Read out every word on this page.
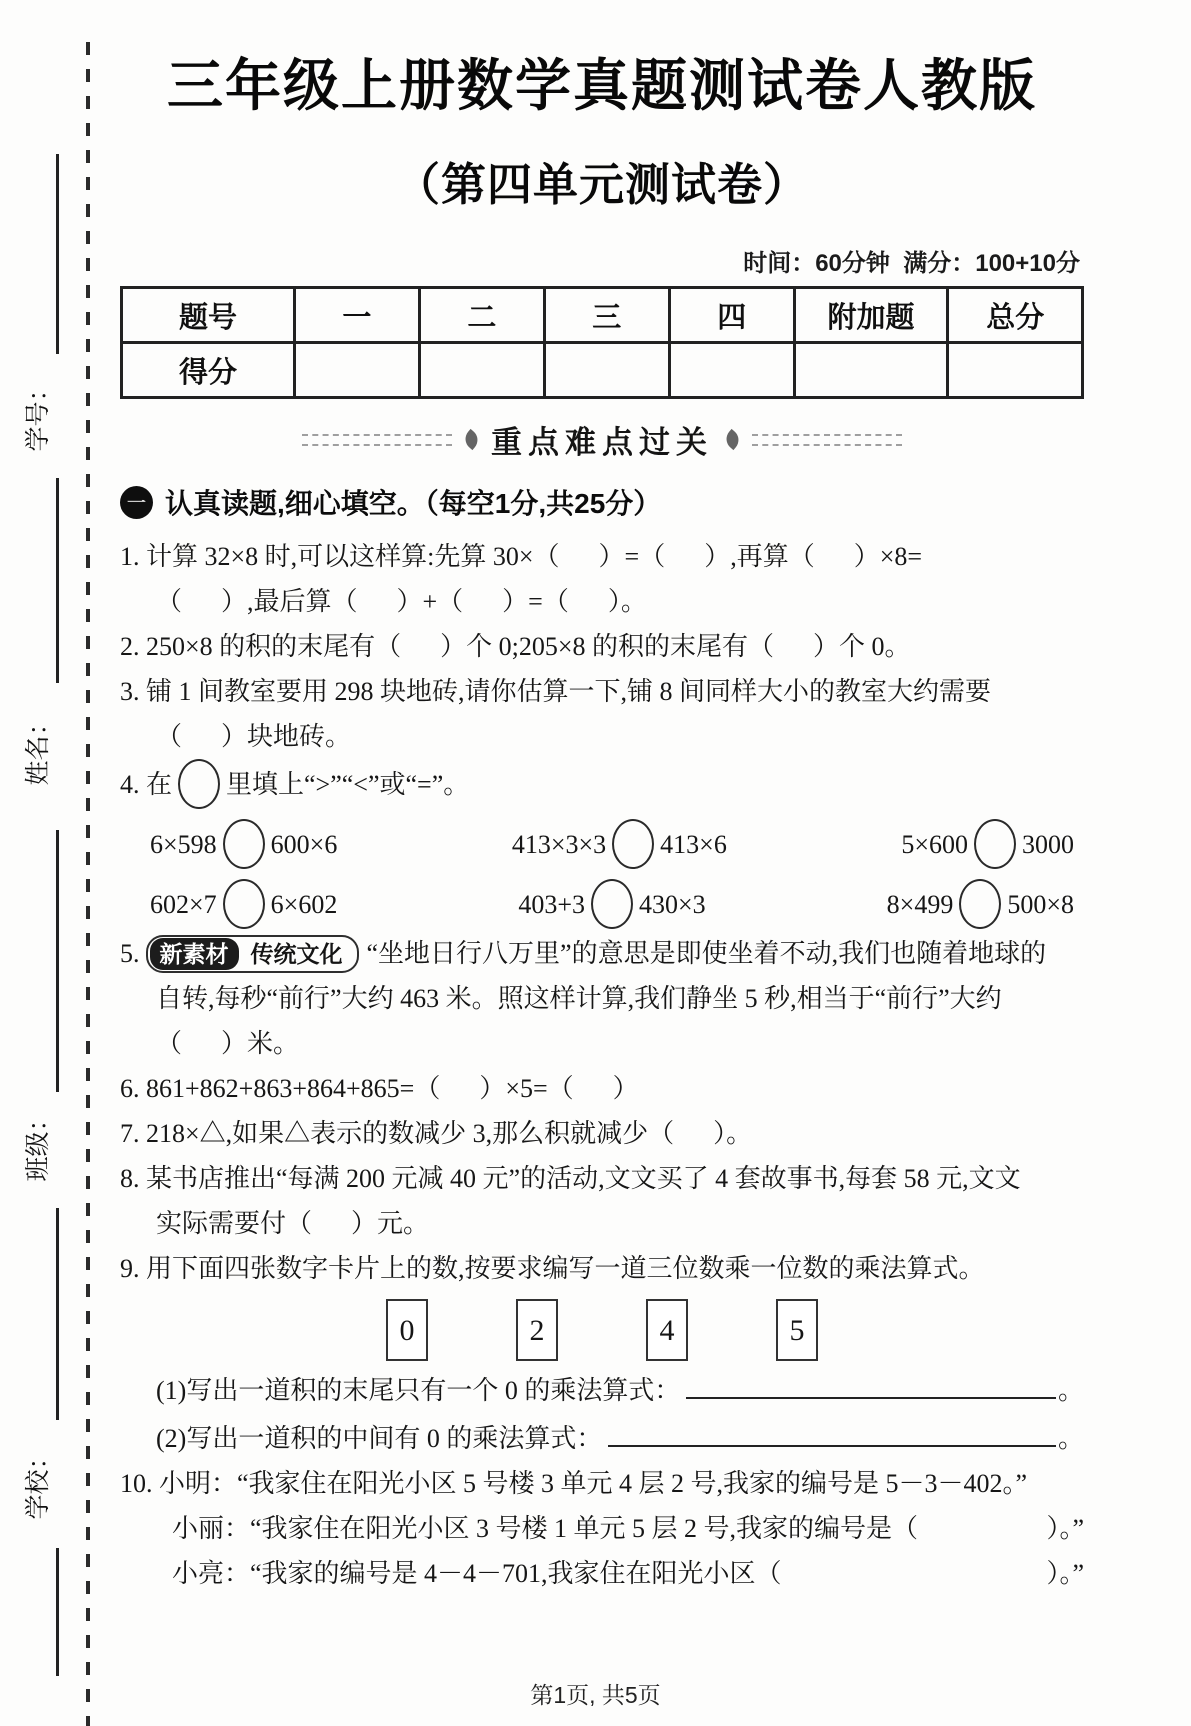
学号：
姓名：
班级：
学校：
三年级上册数学真题测试卷人教版
（第四单元测试卷）
时间：60分钟  满分：100+10分
题号	一	二	三	四	附加题	总分
得分						
重点难点过关
一 认真读题,细心填空。（每空1分,共25分）
1. 计算 32×8 时,可以这样算:先算 30×（      ）=（      ）,再算（      ）×8=
（      ）,最后算（      ）+（      ）=（      ）。
2. 250×8 的积的末尾有（      ）个 0;205×8 的积的末尾有（      ）个 0。
3. 铺 1 间教室要用 298 块地砖,请你估算一下,铺 8 间同样大小的教室大约需要
（      ）块地砖。
4. 在 里填上“>”“<”或“=”。
6×598 600×6	413×3×3 413×6	5×600 3000
602×7 6×602	403+3 430×3	8×499 500×8
5. 新素材 传统文化 “坐地日行八万里”的意思是即使坐着不动,我们也随着地球的
自转,每秒“前行”大约 463 米。照这样计算,我们静坐 5 秒,相当于“前行”大约
（      ）米。
6. 861+862+863+864+865=（      ）×5=（      ）
7. 218×△,如果△表示的数减少 3,那么积就减少（      ）。
8. 某书店推出“每满 200 元减 40 元”的活动,文文买了 4 套故事书,每套 58 元,文文
实际需要付（      ）元。
9. 用下面四张数字卡片上的数,按要求编写一道三位数乘一位数的乘法算式。
0	2	4	5
(1)写出一道积的末尾只有一个 0 的乘法算式：	。
(2)写出一道积的中间有 0 的乘法算式：	。
10. 小明：“我家住在阳光小区 5 号楼 3 单元 4 层 2 号,我家的编号是 5－3－402。”
小丽：“我家住在阳光小区 3 号楼 1 单元 5 层 2 号,我家的编号是（	）。”
小亮：“我家的编号是 4－4－701,我家住在阳光小区（	）。”
第1页, 共5页
